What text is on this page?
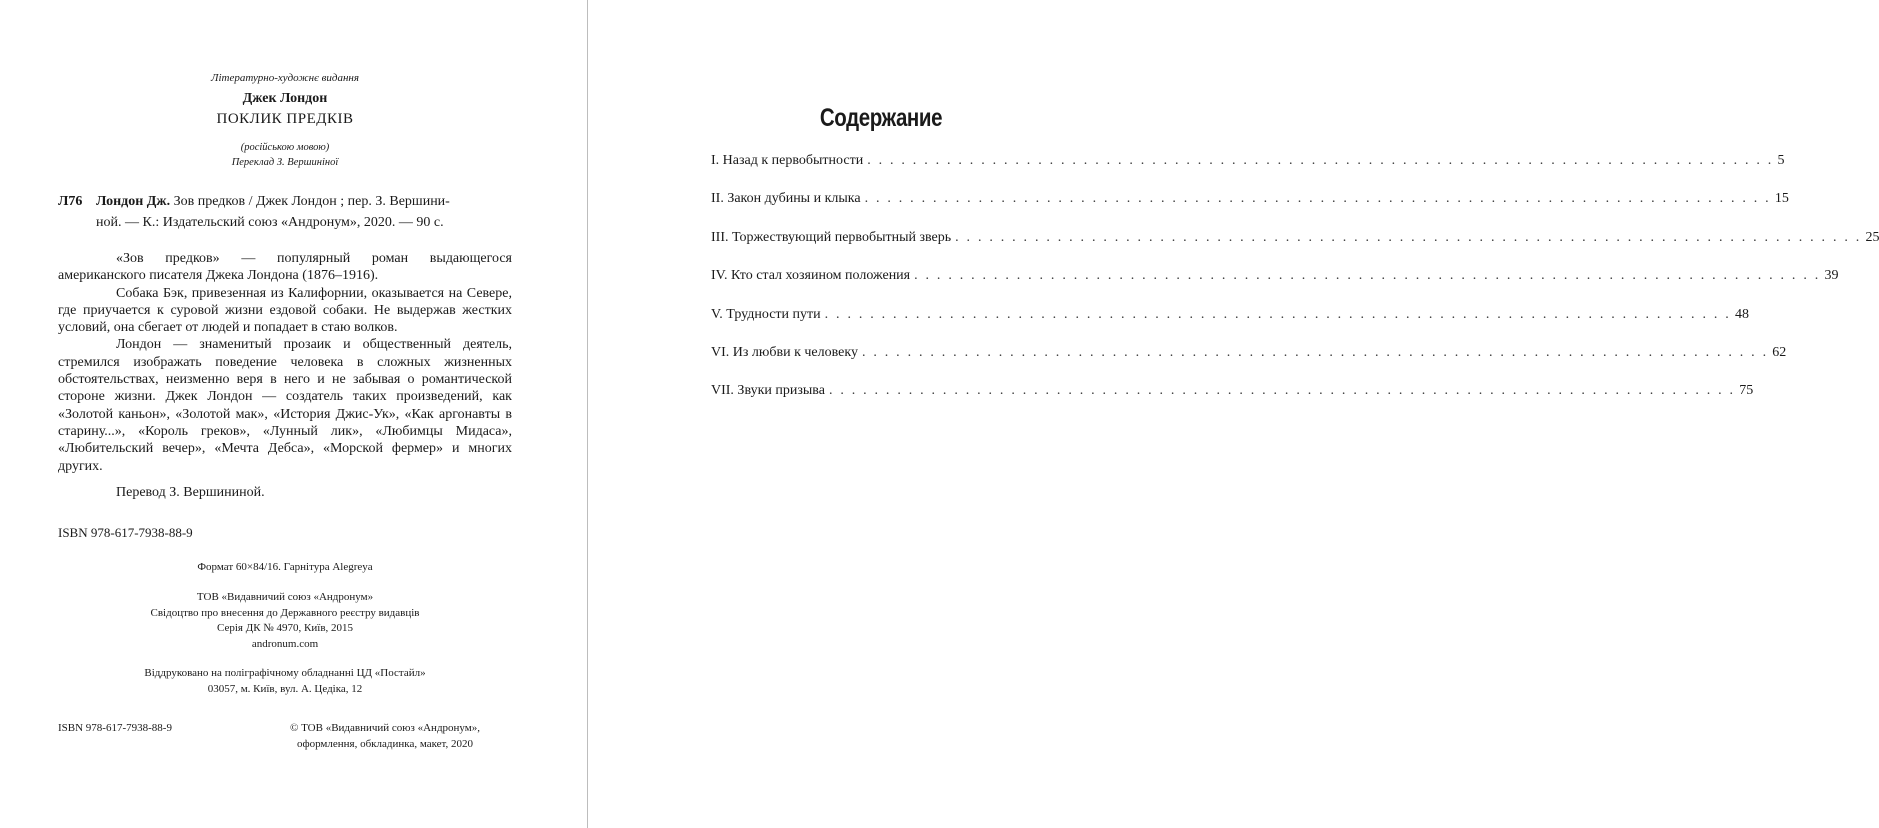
Літературно-художнє видання
Джек Лондон
ПОКЛИК ПРЕДКІВ
(російською мовою)
Переклад З. Вершиніної
Л76 Лондон Дж. Зов предков / Джек Лондон ; пер. З. Вершини-
ной. — К.: Издательский союз «Андронум», 2020. — 90 с.

«Зов предков» — популярный роман выдающегося американского писателя Джека Лондона (1876–1916).

Собака Бэк, привезенная из Калифорнии, оказывается на Севере, где приучается к суровой жизни ездовой собаки. Не выдержав жестких условий, она сбегает от людей и попадает в стаю волков.

Лондон — знаменитый прозаик и общественный деятель, стремился изображать поведение человека в сложных жизненных обстоятельствах, неизменно веря в него и не забывая о романтической стороне жизни. Джек Лондон — создатель таких произведений, как «Золотой каньон», «Золотой мак», «История Джис-Ук», «Как аргонавты в старину...», «Король греков», «Лунный лик», «Любимцы Мидаса», «Любительский вечер», «Мечта Дебса», «Морской фермер» и многих других.

Перевод З. Вершининой.

ISBN 978-617-7938-88-9
Формат 60×84/16. Гарнітура Alegreya
ТОВ «Видавничий союз «Андронум»
Свідоцтво про внесення до Державного реєстру видавців
Серія ДК № 4970, Київ, 2015
andronum.com
Віддруковано на поліграфічному обладнанні ЦД «Постайл»
03057, м. Київ, вул. А. Цедіка, 12
ISBN 978-617-7938-88-9	© ТОВ «Видавничий союз «Андронум»,
оформлення, обкладинка, макет, 2020
Содержание
I. Назад к первобытности . . . . . . . . . . . . . . . . . . . . . . . . . . . . . . . . . . . . . . . . . . . . . . . . . . . . . . . . . . . . . . . . . . . . . . . . . . . . . . . . 5
II. Закон дубины и клыка . . . . . . . . . . . . . . . . . . . . . . . . . . . . . . . . . . . . . . . . . . . . . . . . . . . . . . . . . . . . . . . . . . . . . . . . . . . . . . . . 15
III. Торжествующий первобытный зверь . . . . . . . . . . . . . . . . . . . . . . . . . . . . . . . . . . . . . . . . . . . . . . . . . . . . . . . . . . . . . . . . . . . . . . . . . . . . . . . . 25
IV. Кто стал хозяином положения . . . . . . . . . . . . . . . . . . . . . . . . . . . . . . . . . . . . . . . . . . . . . . . . . . . . . . . . . . . . . . . . . . . . . . . . . . . . . . . . 39
V. Трудности пути . . . . . . . . . . . . . . . . . . . . . . . . . . . . . . . . . . . . . . . . . . . . . . . . . . . . . . . . . . . . . . . . . . . . . . . . . . . . . . . . 48
VI. Из любви к человеку . . . . . . . . . . . . . . . . . . . . . . . . . . . . . . . . . . . . . . . . . . . . . . . . . . . . . . . . . . . . . . . . . . . . . . . . . . . . . . . . 62
VII. Звуки призыва . . . . . . . . . . . . . . . . . . . . . . . . . . . . . . . . . . . . . . . . . . . . . . . . . . . . . . . . . . . . . . . . . . . . . . . . . . . . . . . . 75
